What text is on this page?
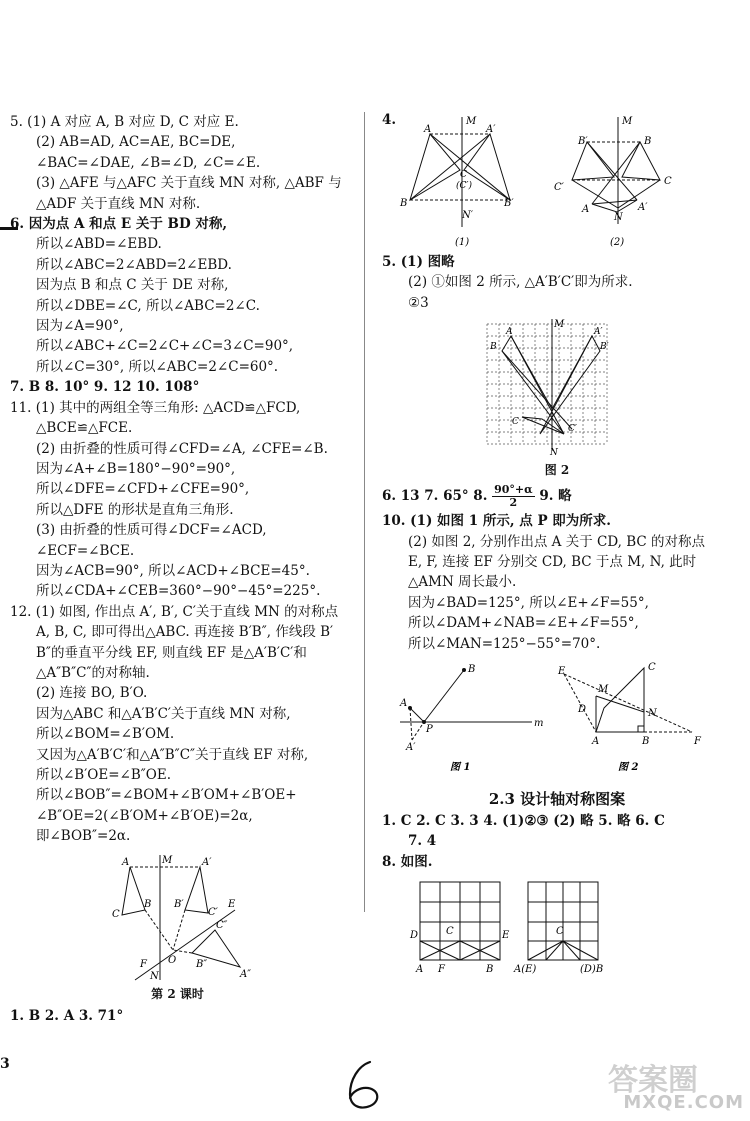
5. (1) A 对应 A, B 对应 D, C 对应 E.
(2) AB=AD, AC=AE, BC=DE,
∠BAC=∠DAE, ∠B=∠D, ∠C=∠E.
(3) △AFE 与△AFC 关于直线 MN 对称, △ABF 与
△ADF 关于直线 MN 对称.
6. 因为点 A 和点 E 关于 BD 对称,
所以∠ABD=∠EBD.
所以∠ABC=2∠ABD=2∠EBD.
因为点 B 和点 C 关于 DE 对称,
所以∠DBE=∠C, 所以∠ABC=2∠C.
因为∠A=90°,
所以∠ABC+∠C=2∠C+∠C=3∠C=90°,
所以∠C=30°, 所以∠ABC=2∠C=60°.
7. B 8. 10° 9. 12 10. 108°
11. (1) 其中的两组全等三角形: △ACD≌△FCD,
△BCE≌△FCE.
(2) 由折叠的性质可得∠CFD=∠A, ∠CFE=∠B.
因为∠A+∠B=180°−90°=90°,
所以∠DFE=∠CFD+∠CFE=90°,
所以△DFE 的形状是直角三角形.
(3) 由折叠的性质可得∠DCF=∠ACD,
∠ECF=∠BCE.
因为∠ACB=90°, 所以∠ACD+∠BCE=45°.
所以∠CDA+∠CEB=360°−90°−45°=225°.
12. (1) 如图, 作出点 A′, B′, C′关于直线 MN 的对称点
A, B, C, 即可得出△ABC. 再连接 B′B″, 作线段 B′
B″的垂直平分线 EF, 则直线 EF 是△A′B′C′和
△A″B″C″的对称轴.
(2) 连接 BO, B′O.
因为△ABC 和△A′B′C′关于直线 MN 对称,
所以∠BOM=∠B′OM.
又因为△A′B′C′和△A″B″C″关于直线 EF 对称,
所以∠B′OE=∠B″OE.
所以∠BOB″=∠BOM+∠B′OM+∠B′OE+
∠B″OE=2(∠B′OM+∠B′OE)=2α,
即∠BOB″=2α.
A	M	A′
C
B B′
C′
E
C″
F
N
O B″
A″
第 2 课时
1. B 2. A 3. 71°
4.	M
A	A′
B	B′
C
(C′)
N′
(1)
M
B′	B
C′
C
A	A′
N
(2)
5. (1) 图略
(2) ①如图 2 所示, △A′B′C′即为所求.
②3
M
A
B
A′
B′
C
C′
N
图 2
6. 13 7. 65° 8. $\frac{90^\circ+\alpha}{2} 9$. 略
10. (1) 如图 1 所示, 点 P 即为所求.
(2) 如图 2, 分别作出点 A 关于 CD, BC 的对称点
E, F, 连接 EF 分别交 CD, BC 于点 M, N, 此时
△AMN 周长最小.
因为∠BAD=125°, 所以∠E+∠F=55°,
所以∠DAM+∠NAB=∠E+∠F=55°,
所以∠MAN=125°−55°=70°.
B
A
P
A′
m
图 1
E	C
M
D	N
A	B	F
图 2
2.3 设计轴对称图案
1. C 2. C 3. 3 4. (1)②③ (2) 略 5. 略 6. C
7. 4
8. 如图.
D	C	E
A F	B
C
A(E)	(D)B
3	答案圈
MXQE.COM
